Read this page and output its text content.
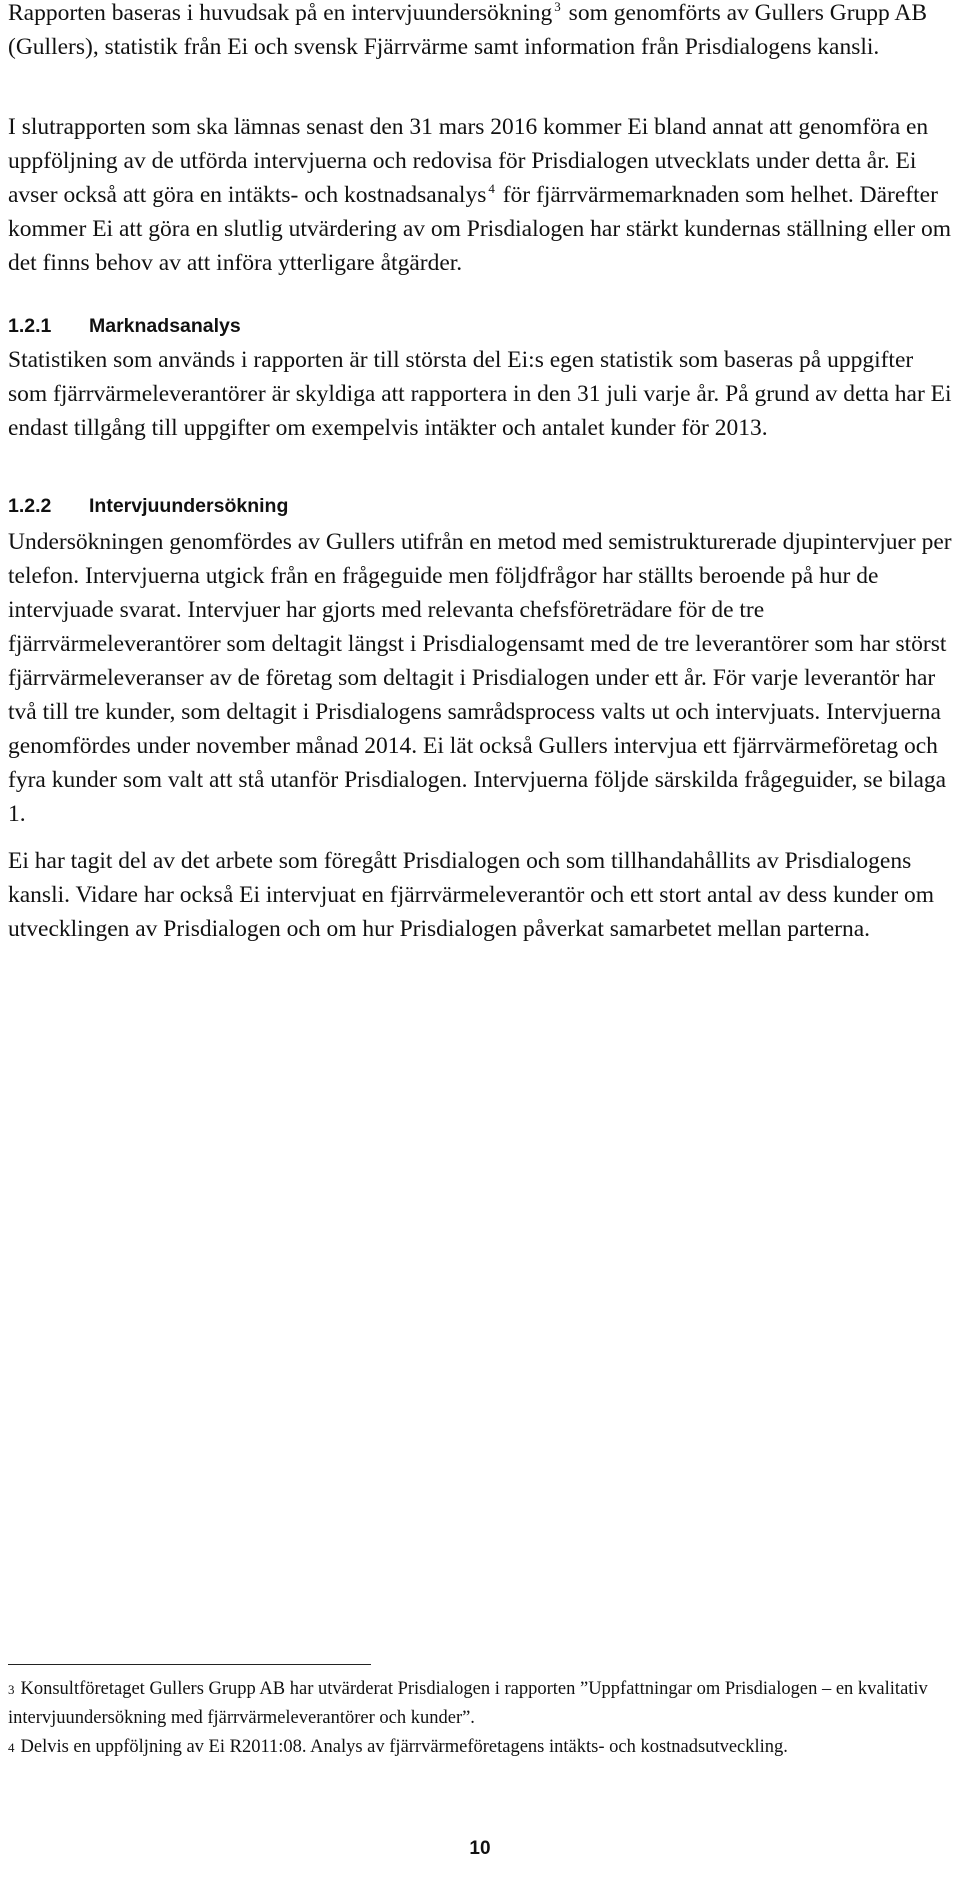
Rapporten baseras i huvudsak på en intervjuundersökning $^3$ som genomförts av Gullers Grupp AB (Gullers), statistik från Ei och svensk Fjärrvärme samt information från Prisdialogens kansli.

I slutrapporten som ska lämnas senast den 31 mars 2016 kommer Ei bland annat att genomföra en uppföljning av de utförda intervjuerna och redovisa för Prisdialogen utvecklats under detta år. Ei avser också att göra en intäkts- och kostnadsanalys $^4$ för fjärrvärmemarknaden som helhet. Därefter kommer Ei att göra en slutlig utvärdering av om Prisdialogen har stärkt kundernas ställning eller om det finns behov av att införa ytterligare åtgärder.

1.2.1 Marknadsanalys

Statistiken som används i rapporten är till största del Ei:s egen statistik som baseras på uppgifter som fjärrvärmeleverantörer är skyldiga att rapportera in den 31 juli varje år. På grund av detta har Ei endast tillgång till uppgifter om exempelvis intäkter och antalet kunder för 2013.

1.2.2 Intervjuundersökning

Undersökningen genomfördes av Gullers utifrån en metod med semistrukturerade djupintervjuer per telefon. Intervjuerna utgick från en frågeguide men följdfrågor har ställts beroende på hur de intervjuade svarat. Intervjuer har gjorts med relevanta chefsföreträdare för de tre fjärrvärmeleverantörer som deltagit längst i Prisdialogensamt med de tre leverantörer som har störst fjärrvärmeleveranser av de företag som deltagit i Prisdialogen under ett år. För varje leverantör har två till tre kunder, som deltagit i Prisdialogens samrådsprocess valts ut och intervjuats. Intervjuerna genomfördes under november månad 2014. Ei lät också Gullers intervjua ett fjärrvärmeföretag och fyra kunder som valt att stå utanför Prisdialogen. Intervjuerna följde särskilda frågeguider, se bilaga 1.

Ei har tagit del av det arbete som föregått Prisdialogen och som tillhandahållits av Prisdialogens kansli. Vidare har också Ei intervjuat en fjärrvärmeleverantör och ett stort antal av dess kunder om utvecklingen av Prisdialogen och om hur Prisdialogen påverkat samarbetet mellan parterna.

3 Konsultföretaget Gullers Grupp AB har utvärderat Prisdialogen i rapporten ”Uppfattningar om Prisdialogen – en kvalitativ intervjuundersökning med fjärrvärmeleverantörer och kunder”.

4 Delvis en uppföljning av Ei R2011:08. Analys av fjärrvärmeföretagens intäkts- och kostnadsutveckling.

10
